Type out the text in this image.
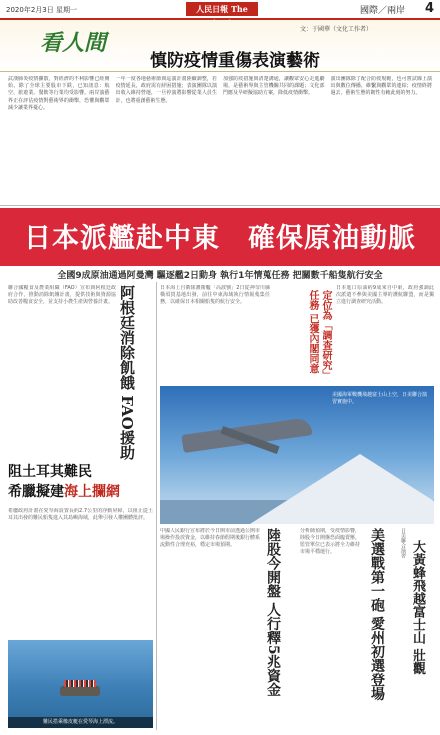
2020年2月3日 星期一	人民日報 The	國際／兩岸 4
看人間
文：于國華（文化工作者）
慎防疫情重傷表演藝術

武漢肺炎疫情擴散，對經濟的不利影響已經開始，除了全球主要股市下跌，已知訊息：航空、旅遊業、餐飲等行業均受影響。兩岸演藝界正在評估疫情對藝術界的衝擊，恐懼與觀眾減少讓業界憂心。

一年一度各地藝術節與巡演計畫陸續調整，若疫情延長，政府需有紓困措施；表演團隊以演出收入維持營運，一旦停演將影響從業人員生計，也將重創藝術生態。

加強防疫措施與清楚溝通，讓觀眾安心走進劇場，是藝術界與主管機關共同的課題；文化部門應及早研擬協助方案，降低疫情衝擊。

演出團隊除了配合防疫規範，也可嘗試線上演出與數位傳播，維繫與觀眾的連結；疫情終將過去，藝術生態的韌性有賴此刻的努力。

日本派艦赴中東　確保原油動脈
全國9成原油通過阿曼灣 驅逐艦2日動身 執行1年情蒐任務 把關數千船隻航行安全
聯合國糧食及農業組織（FAO）宣布與阿根廷政府合作，推動消除飢餓計畫，提供技術與資源協助改善糧食安全，並支持小農生產與營養計畫。 阿根廷消除飢餓 FAO援助
阻土耳其難民
希臘擬建海上攔網
希臘政府計畫在愛琴海設置長約2.7公里的浮動屏障，以阻止從土耳其出發的難民船隻進入其島嶼海域，此舉引發人權團體批評。
難民搭乘橡皮艇在愛琴海上漂流。
日本海上自衛隊護衛艦「高波號」2日從神奈川縣橫須賀基地出發，前往中東海域執行情報蒐集任務，以確保日本相關船隻的航行安全。	定位為「調查研究」任務 已獲內閣同意
日本進口原油約9成來自中東，政府強調此次派遣不參與美國主導的護航聯盟，而是獨立進行調查研究活動。
美國海軍戰機飛越富士山上空，日美聯合演習實施中。
中國人民銀行宣布將於今日開市前透過公開市場操作投放資金，以維持春節假期後銀行體系流動性合理充裕，穩定市場預期。	陸股今開盤 人行釋5兆資金	分析師預期，受疫情影響，陸股今日開盤恐面臨賣壓，監管單位已表示將全力維持市場平穩運行。	美選戰第一砲 愛州初選登場	日美聯合演習 大黃蜂飛越富士山 壯觀
